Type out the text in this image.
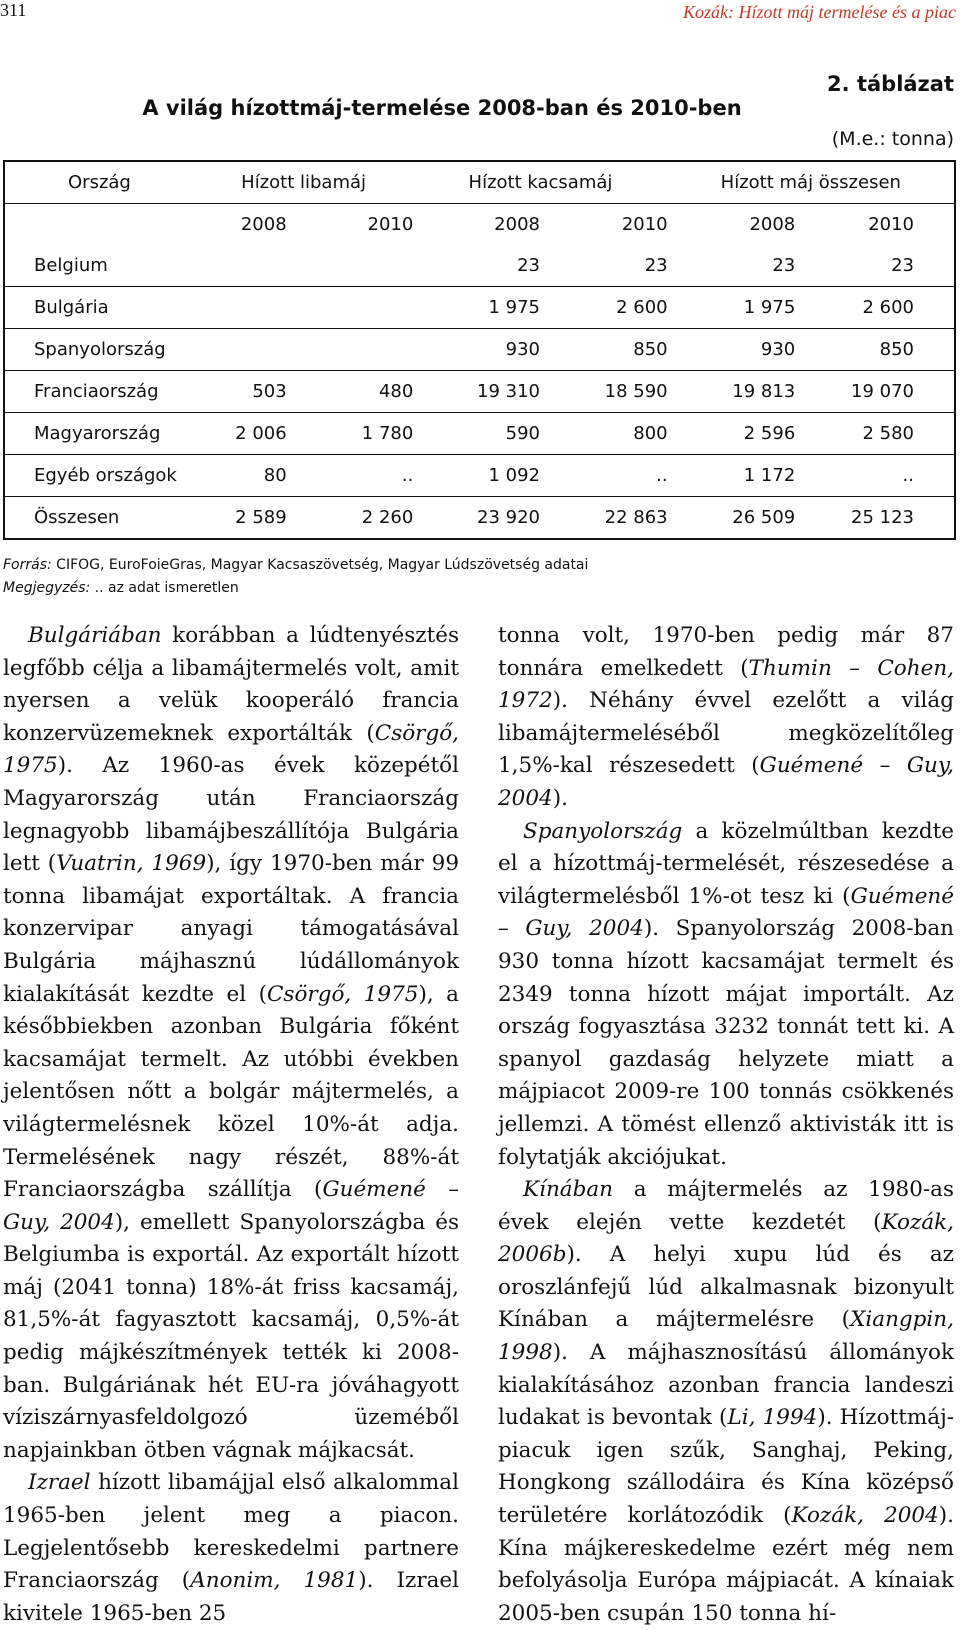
311	Kozák: Hízott máj termelése és a piac
2. táblázat
A világ hízottmáj-termelése 2008-ban és 2010-ben
(M.e.: tonna)
Ország	Hízott libamáj		Hízott kacsamáj		Hízott máj összesen	
	2008	2010	2008	2010	2008	2010
Belgium			23	23	23	23
Bulgária			1 975	2 600	1 975	2 600
Spanyolország			930	850	930	850
Franciaország	503	480	19 310	18 590	19 813	19 070
Magyarország	2 006	1 780	590	800	2 596	2 580
Egyéb országok	80	..	1 092	..	1 172	..
Összesen	2 589	2 260	23 920	22 863	26 509	25 123
Forrás: CIFOG, EuroFoieGras, Magyar Kacsaszövetség, Magyar Lúdszövetség adatai
Megjegyzés: .. az adat ismeretlen

Bulgáriában korábban a lúdtenyésztés legfőbb célja a libamájtermelés volt, amit nyersen a velük kooperáló francia konzervüzemeknek exportálták (Csörgő, 1975). Az 1960-as évek közepétől Magyarország után Franciaország legnagyobb libamájbeszállítója Bulgária lett (Vuatrin, 1969), így 1970-ben már 99 tonna libamájat exportáltak. A francia konzervipar anyagi támogatásával Bulgária májhasznú lúdállományok kialakítását kezdte el (Csörgő, 1975), a későbbiekben azonban Bulgária főként kacsamájat termelt. Az utóbbi években jelentősen nőtt a bolgár májtermelés, a világtermelésnek közel 10%-át adja. Termelésének nagy részét, 88%-át Franciaországba szállítja (Guémené – Guy, 2004), emellett Spanyolországba és Belgiumba is exportál. Az exportált hízott máj (2041 tonna) 18%-át friss kacsamáj, 81,5%-át fagyasztott kacsamáj, 0,5%-át pedig májkészítmények tették ki 2008-ban. Bulgáriának hét EU-ra jóváhagyott víziszárnyasfeldolgozó üzeméből napjainkban ötben vágnak májkacsát.

Izrael hízott libamájjal első alkalommal 1965-ben jelent meg a piacon. Legjelentősebb kereskedelmi partnere Franciaország (Anonim, 1981). Izrael kivitele 1965-ben 25

tonna volt, 1970-ben pedig már 87 tonnára emelkedett (Thumin – Cohen, 1972). Néhány évvel ezelőtt a világ libamájtermeléséből megközelítőleg 1,5%-kal részesedett (Guémené – Guy, 2004).

Spanyolország a közelmúltban kezdte el a hízottmáj-termelését, részesedése a világtermelésből 1%-ot tesz ki (Guémené – Guy, 2004). Spanyolország 2008-ban 930 tonna hízott kacsamájat termelt és 2349 tonna hízott májat importált. Az ország fogyasztása 3232 tonnát tett ki. A spanyol gazdaság helyzete miatt a májpiacot 2009-re 100 tonnás csökkenés jellemzi. A tömést ellenző aktivisták itt is folytatják akciójukat.

Kínában a májtermelés az 1980-as évek elején vette kezdetét (Kozák, 2006b). A helyi xupu lúd és az oroszlánfejű lúd alkalmasnak bizonyult Kínában a májtermelésre (Xiangpin, 1998). A májhasznosítású állományok kialakításához azonban francia landeszi ludakat is bevontak (Li, 1994). Hízottmáj-piacuk igen szűk, Sanghaj, Peking, Hongkong szállodáira és Kína középső területére korlátozódik (Kozák, 2004). Kína májkereskedelme ezért még nem befolyásolja Európa májpiacát. A kínaiak 2005-ben csupán 150 tonna hí-
